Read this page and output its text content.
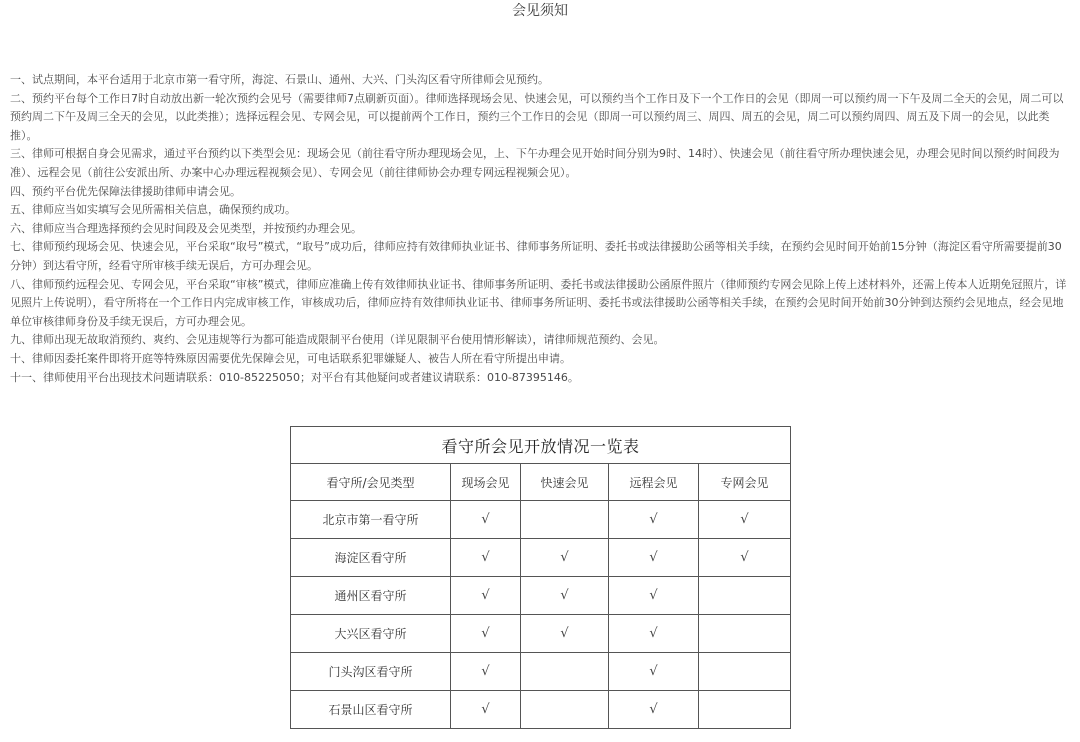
会见须知

一、试点期间，本平台适用于北京市第一看守所，海淀、石景山、通州、大兴、门头沟区看守所律师会见预约。

二、预约平台每个工作日7时自动放出新一轮次预约会见号（需要律师7点刷新页面）。律师选择现场会见、快速会见，可以预约当个工作日及下一个工作日的会见（即周一可以预约周一下午及周二全天的会见，周二可以预约周二下午及周三全天的会见，以此类推）；选择远程会见、专网会见，可以提前两个工作日，预约三个工作日的会见（即周一可以预约周三、周四、周五的会见，周二可以预约周四、周五及下周一的会见，以此类推）。

三、律师可根据自身会见需求，通过平台预约以下类型会见：现场会见（前往看守所办理现场会见，上、下午办理会见开始时间分别为9时、14时）、快速会见（前往看守所办理快速会见，办理会见时间以预约时间段为准）、远程会见（前往公安派出所、办案中心办理远程视频会见）、专网会见（前往律师协会办理专网远程视频会见）。

四、预约平台优先保障法律援助律师申请会见。

五、律师应当如实填写会见所需相关信息，确保预约成功。

六、律师应当合理选择预约会见时间段及会见类型，并按预约办理会见。

七、律师预约现场会见、快速会见，平台采取“取号”模式，“取号”成功后，律师应持有效律师执业证书、律师事务所证明、委托书或法律援助公函等相关手续，在预约会见时间开始前15分钟（海淀区看守所需要提前30分钟）到达看守所，经看守所审核手续无误后，方可办理会见。

八、律师预约远程会见、专网会见，平台采取“审核”模式，律师应准确上传有效律师执业证书、律师事务所证明、委托书或法律援助公函原件照片（律师预约专网会见除上传上述材料外，还需上传本人近期免冠照片，详见照片上传说明），看守所将在一个工作日内完成审核工作，审核成功后，律师应持有效律师执业证书、律师事务所证明、委托书或法律援助公函等相关手续，在预约会见时间开始前30分钟到达预约会见地点，经会见地单位审核律师身份及手续无误后，方可办理会见。

九、律师出现无故取消预约、爽约、会见违规等行为都可能造成限制平台使用（详见限制平台使用情形解读），请律师规范预约、会见。

十、律师因委托案件即将开庭等特殊原因需要优先保障会见，可电话联系犯罪嫌疑人、被告人所在看守所提出申请。

十一、律师使用平台出现技术问题请联系：010-85225050；对平台有其他疑问或者建议请联系：010-87395146。

看守所会见开放情况一览表				
看守所/会见类型	现场会见	快速会见	远程会见	专网会见
北京市第一看守所	√		√	√
海淀区看守所	√	√	√	√
通州区看守所	√	√	√	
大兴区看守所	√	√	√	
门头沟区看守所	√		√	
石景山区看守所	√		√	
